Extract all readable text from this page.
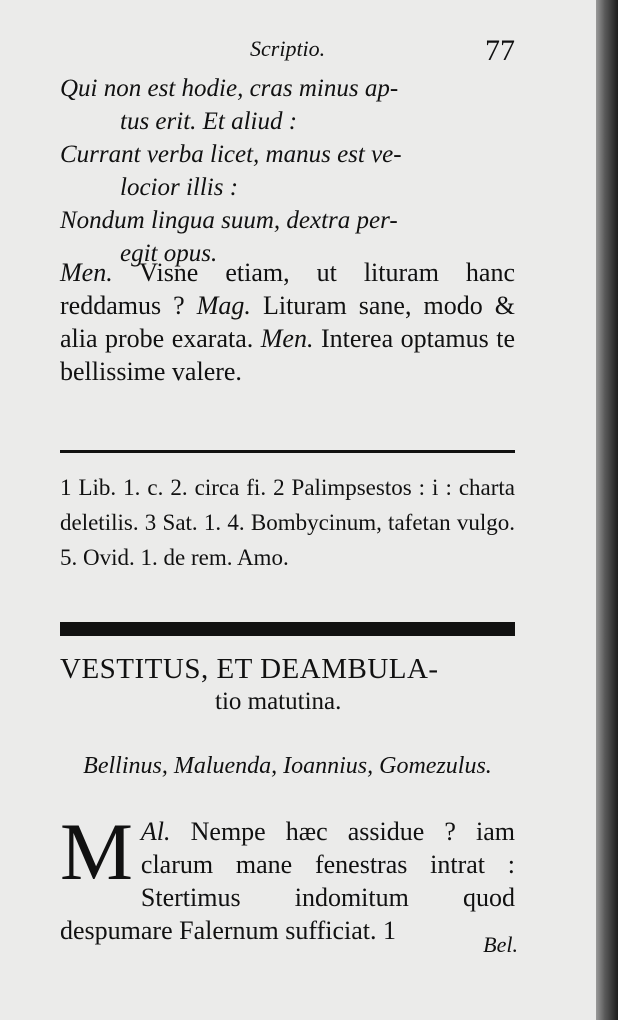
Scriptio.	77
Qui non est hodie, cras minus ap-
tus erit. Et aliud :
Currant verba licet, manus est ve-
locior illis :
Nondum lingua suum, dextra per-
egit opus.
Men. Visne etiam, ut lituram hanc reddamus ? Mag. Lituram sane, modo & alia probe exarata. Men. Interea optamus te bellissime valere.
1 Lib. 1. c. 2. circa fi. 2 Palimpsestos : i : charta deletilis. 3 Sat. 1. 4. Bombycinum, tafetan vulgo. 5. Ovid. 1. de rem. Amo.
VESTITUS, ET DEAMBULA-
tio matutina.
Bellinus, Maluenda, Ioannius, Gomezulus.
M Al. Nempe hæc assidue ? iam clarum mane fenestras intrat : Stertimus indomitum quod despumare Falernum sufficiat. 1	Bel.
